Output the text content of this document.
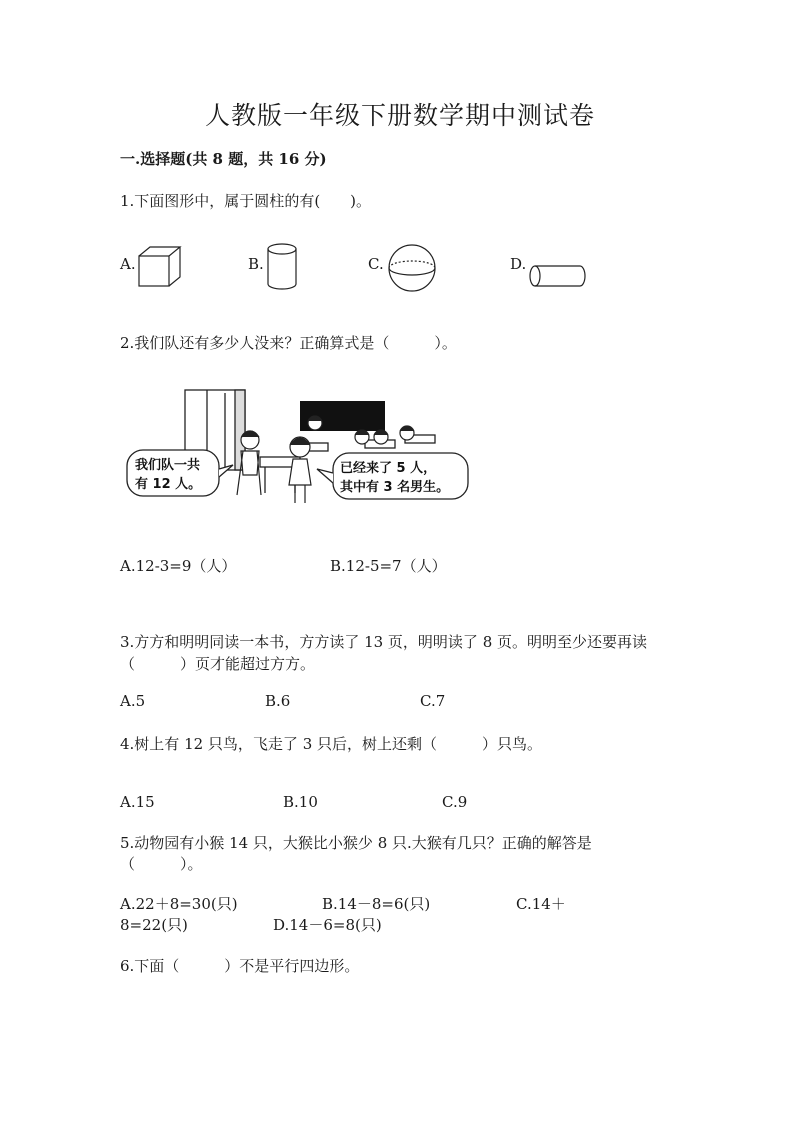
人教版一年级下册数学期中测试卷
一.选择题(共 8 题，共 16 分)
1.下面图形中，属于圆柱的有(　　)。
A.	B.	C.	D.
2.我们队还有多少人没来？正确算式是（　　　）。
我们队一共
有 12 人。
已经来了 5 人，
其中有 3 名男生。
A.12-3=9（人）	B.12-5=7（人）
3.方方和明明同读一本书，方方读了 13 页，明明读了 8 页。明明至少还要再读
（　　　）页才能超过方方。
A.5	B.6	C.7
4.树上有 12 只鸟，飞走了 3 只后，树上还剩（　　　）只鸟。
A.15	B.10	C.9
5.动物园有小猴 14 只，大猴比小猴少 8 只.大猴有几只？正确的解答是
（　　　）。
A.22＋8=30(只)	B.14－8=6(只)	C.14＋
8=22(只)	D.14－6=8(只)
6.下面（　　　）不是平行四边形。
